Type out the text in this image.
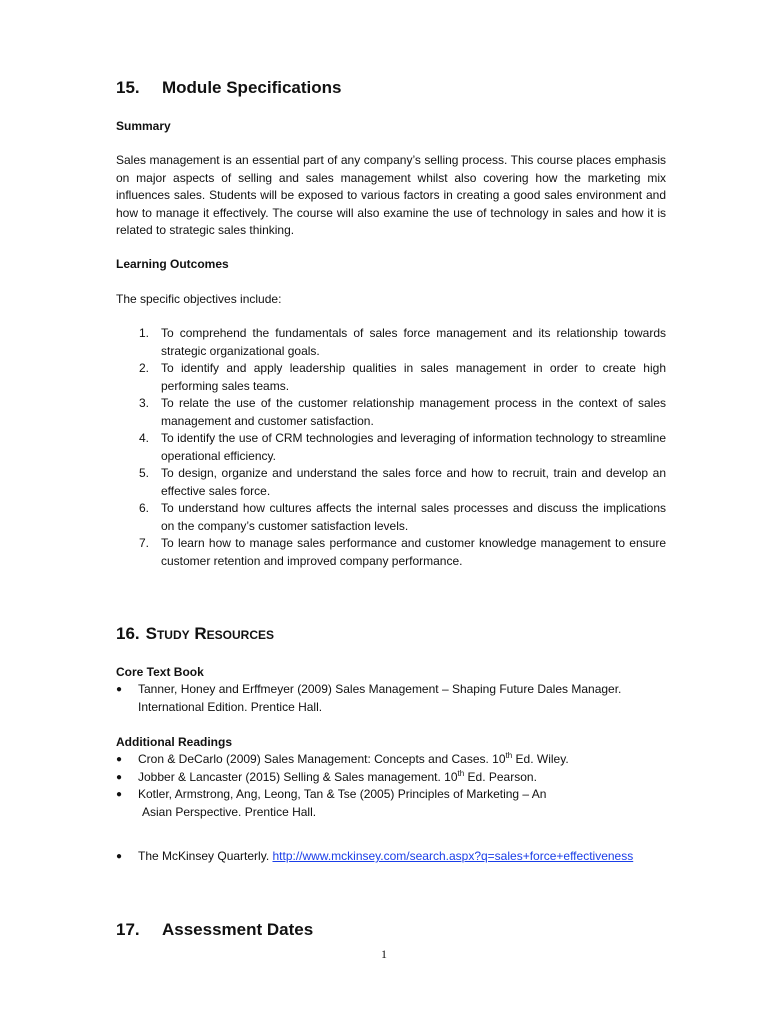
15.	Module Specifications
Summary

Sales management is an essential part of any company’s selling process. This course places emphasis on major aspects of selling and sales management whilst also covering how the marketing mix influences sales. Students will be exposed to various factors in creating a good sales environment and how to manage it effectively. The course will also examine the use of technology in sales and how it is related to strategic sales thinking.

Learning Outcomes

The specific objectives include:

1.	To comprehend the fundamentals of sales force management and its relationship towards strategic organizational goals.
2.	To identify and apply leadership qualities in sales management in order to create high performing sales teams.
3.	To relate the use of the customer relationship management process in the context of sales management and customer satisfaction.
4.	To identify the use of CRM technologies and leveraging of information technology to streamline operational efficiency.
5.	To design, organize and understand the sales force and how to recruit, train and develop an effective sales force.
6.	To understand how cultures affects the internal sales processes and discuss the implications on the company’s customer satisfaction levels.
7.	To learn how to manage sales performance and customer knowledge management to ensure customer retention and improved company performance.
16. Study Resources
Core Text Book
●	Tanner, Honey and Erffmeyer (2009) Sales Management – Shaping Future Dales Manager. International Edition. Prentice Hall.
Additional Readings
●	Cron & DeCarlo (2009) Sales Management: Concepts and Cases. 10th Ed. Wiley.
●	Jobber & Lancaster (2015) Selling & Sales management. 10th Ed. Pearson.
●	Kotler, Armstrong, Ang, Leong, Tan & Tse (2005) Principles of Marketing – An
Asian Perspective. Prentice Hall.
●	The McKinsey Quarterly. http://www.mckinsey.com/search.aspx?q=sales+force+effectiveness
17.	Assessment Dates
1
